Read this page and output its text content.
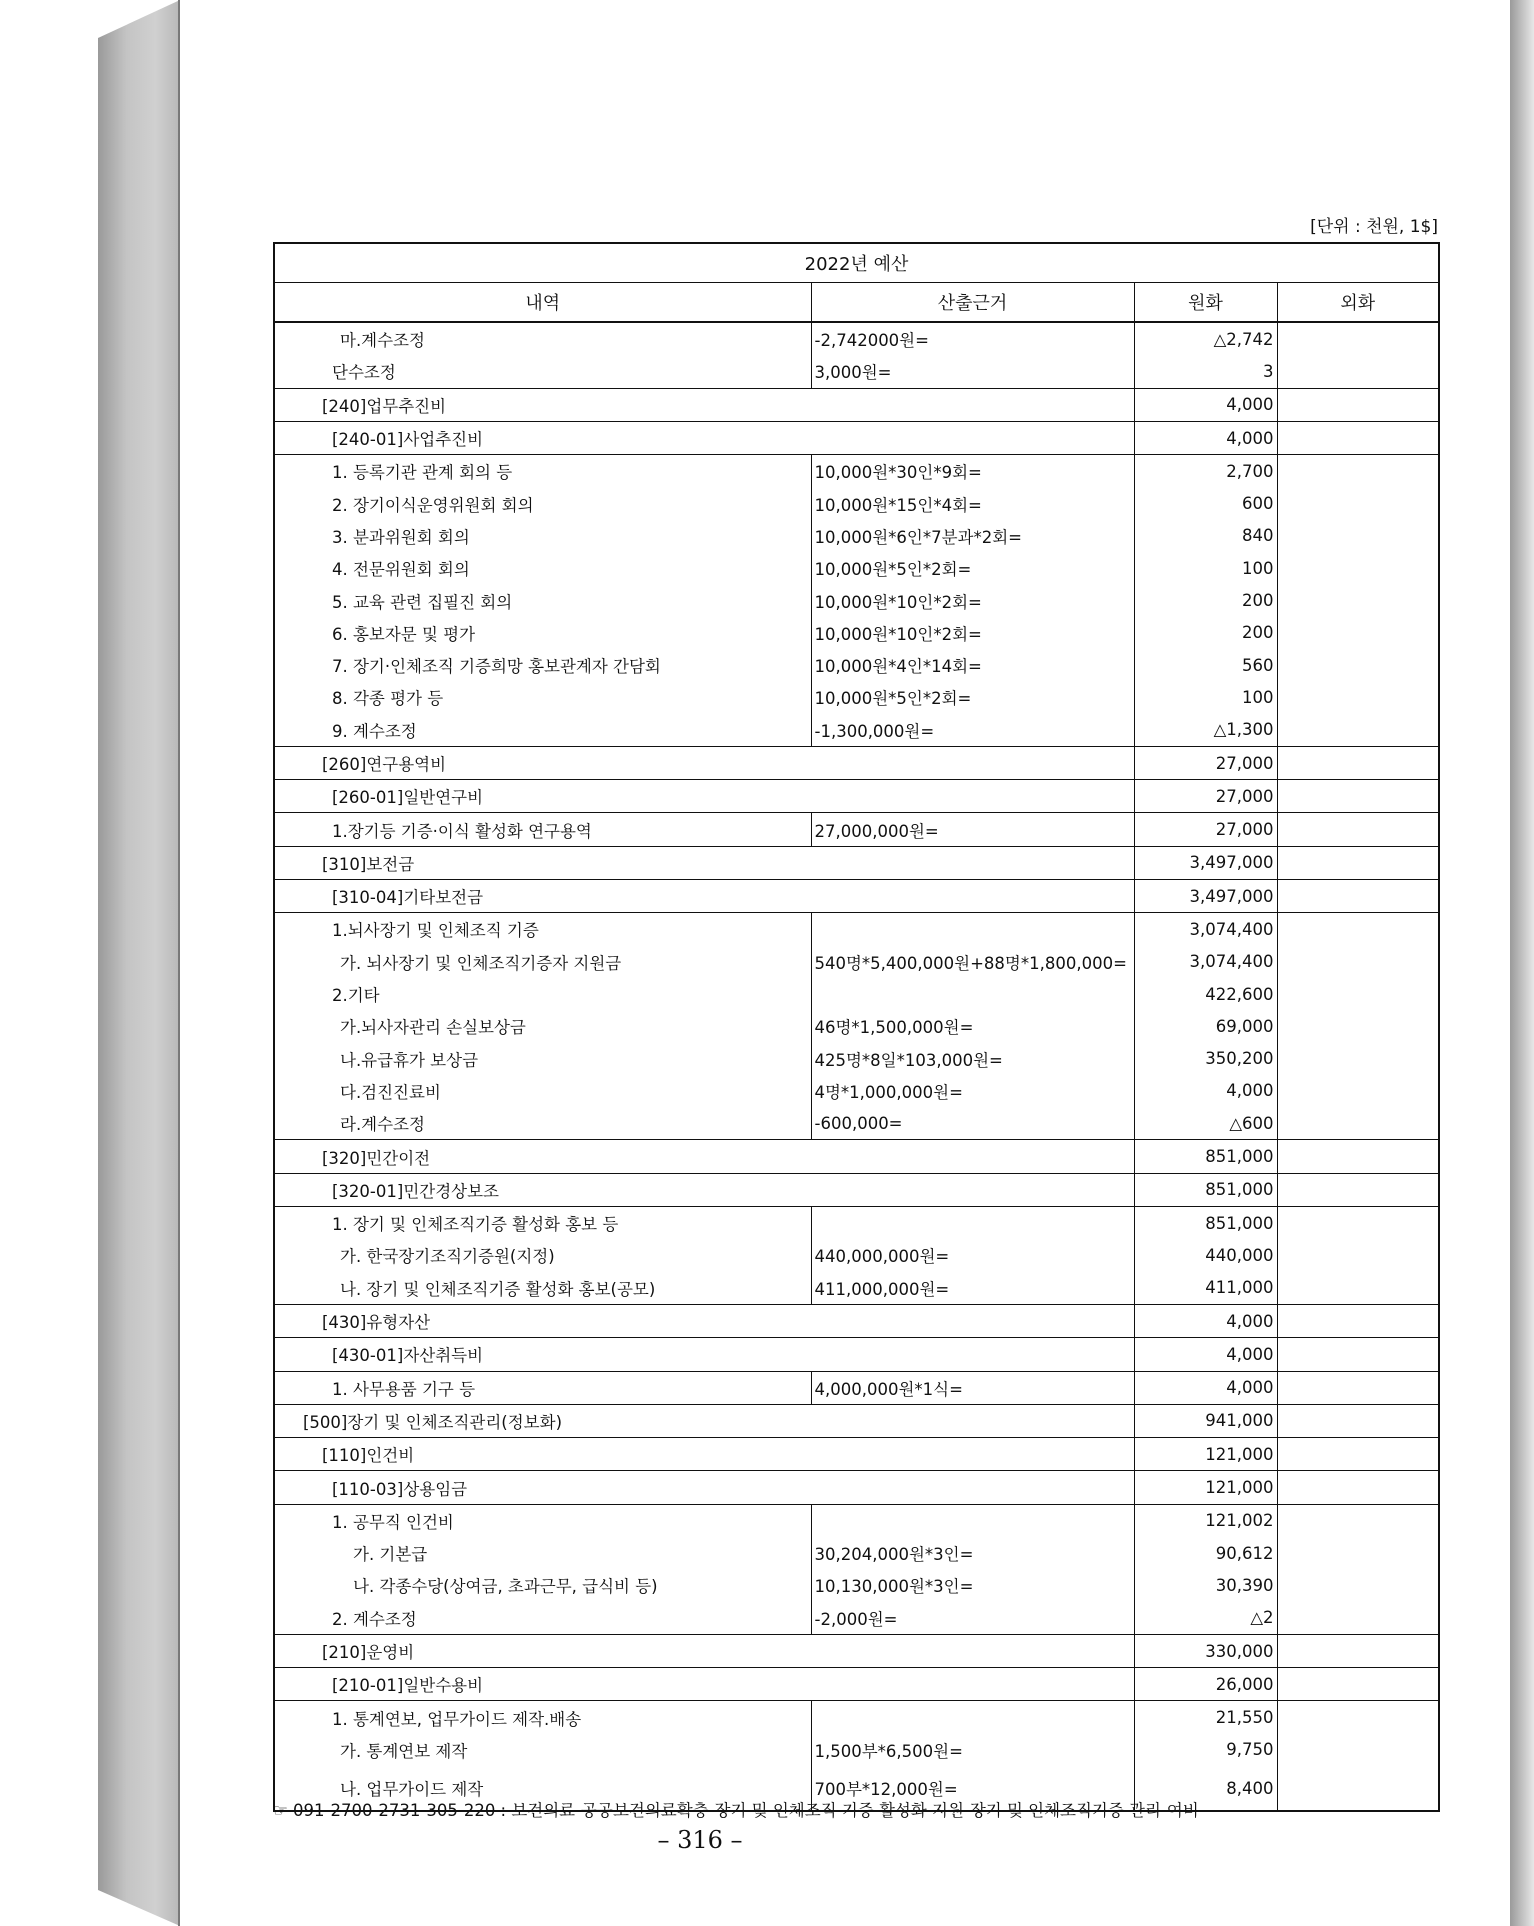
[단위 : 천원, 1$]
2022년 예산			
내역	산출근거	원화	외화
마.계수조정	-2,742000원=	△2,742	
단수조정	3,000원=	3	
[240]업무추진비		4,000	
[240-01]사업추진비		4,000	
1. 등록기관 관계 회의 등	10,000원*30인*9회=	2,700	
2. 장기이식운영위원회 회의	10,000원*15인*4회=	600	
3. 분과위원회 회의	10,000원*6인*7분과*2회=	840	
4. 전문위원회 회의	10,000원*5인*2회=	100	
5. 교육 관련 집필진 회의	10,000원*10인*2회=	200	
6. 홍보자문 및 평가	10,000원*10인*2회=	200	
7. 장기·인체조직 기증희망 홍보관계자 간담회	10,000원*4인*14회=	560	
8. 각종 평가 등	10,000원*5인*2회=	100	
9. 계수조정	-1,300,000원=	△1,300	
[260]연구용역비		27,000	
[260-01]일반연구비		27,000	
1.장기등 기증·이식 활성화 연구용역	27,000,000원=	27,000	
[310]보전금		3,497,000	
[310-04]기타보전금		3,497,000	
1.뇌사장기 및 인체조직 기증		3,074,400	
가. 뇌사장기 및 인체조직기증자 지원금	540명*5,400,000원+88명*1,800,000=	3,074,400	
2.기타		422,600	
가.뇌사자관리 손실보상금	46명*1,500,000원=	69,000	
나.유급휴가 보상금	425명*8일*103,000원=	350,200	
다.검진진료비	4명*1,000,000원=	4,000	
라.계수조정	-600,000=	△600	
[320]민간이전		851,000	
[320-01]민간경상보조		851,000	
1. 장기 및 인체조직기증 활성화 홍보 등		851,000	
가. 한국장기조직기증원(지정)	440,000,000원=	440,000	
나. 장기 및 인체조직기증 활성화 홍보(공모)	411,000,000원=	411,000	
[430]유형자산		4,000	
[430-01]자산취득비		4,000	
1. 사무용품 기구 등	4,000,000원*1식=	4,000	
[500]장기 및 인체조직관리(정보화)		941,000	
[110]인건비		121,000	
[110-03]상용임금		121,000	
1. 공무직 인건비		121,002	
가. 기본급	30,204,000원*3인=	90,612	
나. 각종수당(상여금, 초과근무, 급식비 등)	10,130,000원*3인=	30,390	
2. 계수조정	-2,000원=	△2	
[210]운영비		330,000	
[210-01]일반수용비		26,000	
1. 통계연보, 업무가이드 제작.배송		21,550	
가. 통계연보 제작	1,500부*6,500원=	9,750	
나. 업무가이드 제작	700부*12,000원=	8,400	
☞ 091-2700-2731-305-220 : 보건의료-공공보건의료확충-장기 및 인체조직 기증 활성화 지원-장기 및 인체조직기증 관리-여비
– 316 –
